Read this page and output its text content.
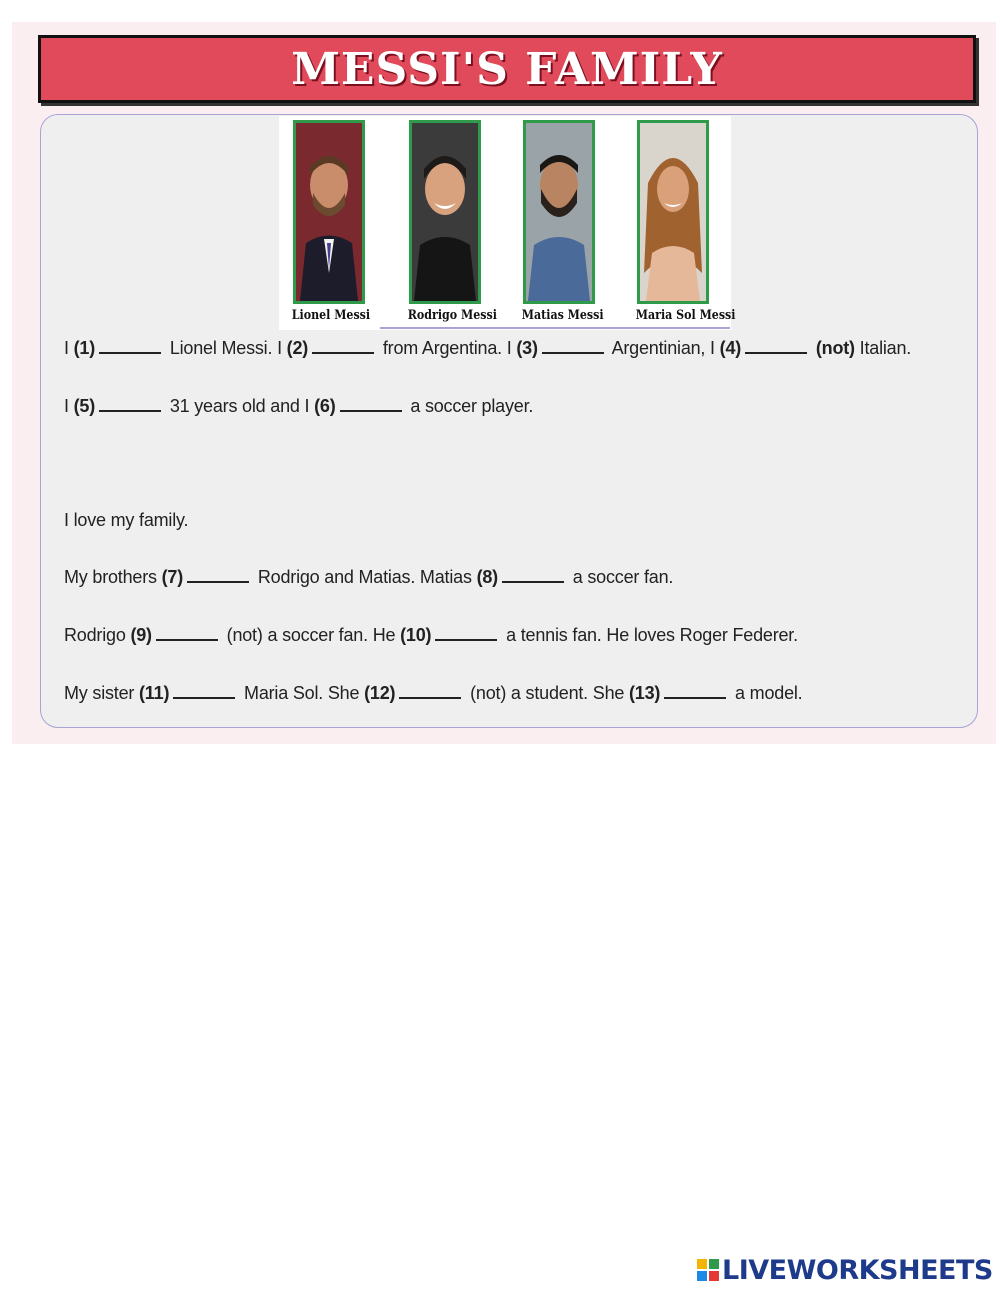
MESSI'S FAMILY
Lionel Messi	Rodrigo Messi Matias Messi Maria Sol Messi
I (1)	Lionel Messi. I (2)	from Argentina. I (3)	Argentinian, I (4)	(not) Italian.
I (5)	31 years old and I (6)	a soccer player.
I love my family.
My brothers (7)	Rodrigo and Matias. Matias (8)	a soccer fan.
Rodrigo (9)	(not) a soccer fan. He (10)	a tennis fan. He loves Roger Federer.
My sister (11)	Maria Sol. She (12)	(not) a student. She (13)	a model.
LIVEWORKSHEETS
